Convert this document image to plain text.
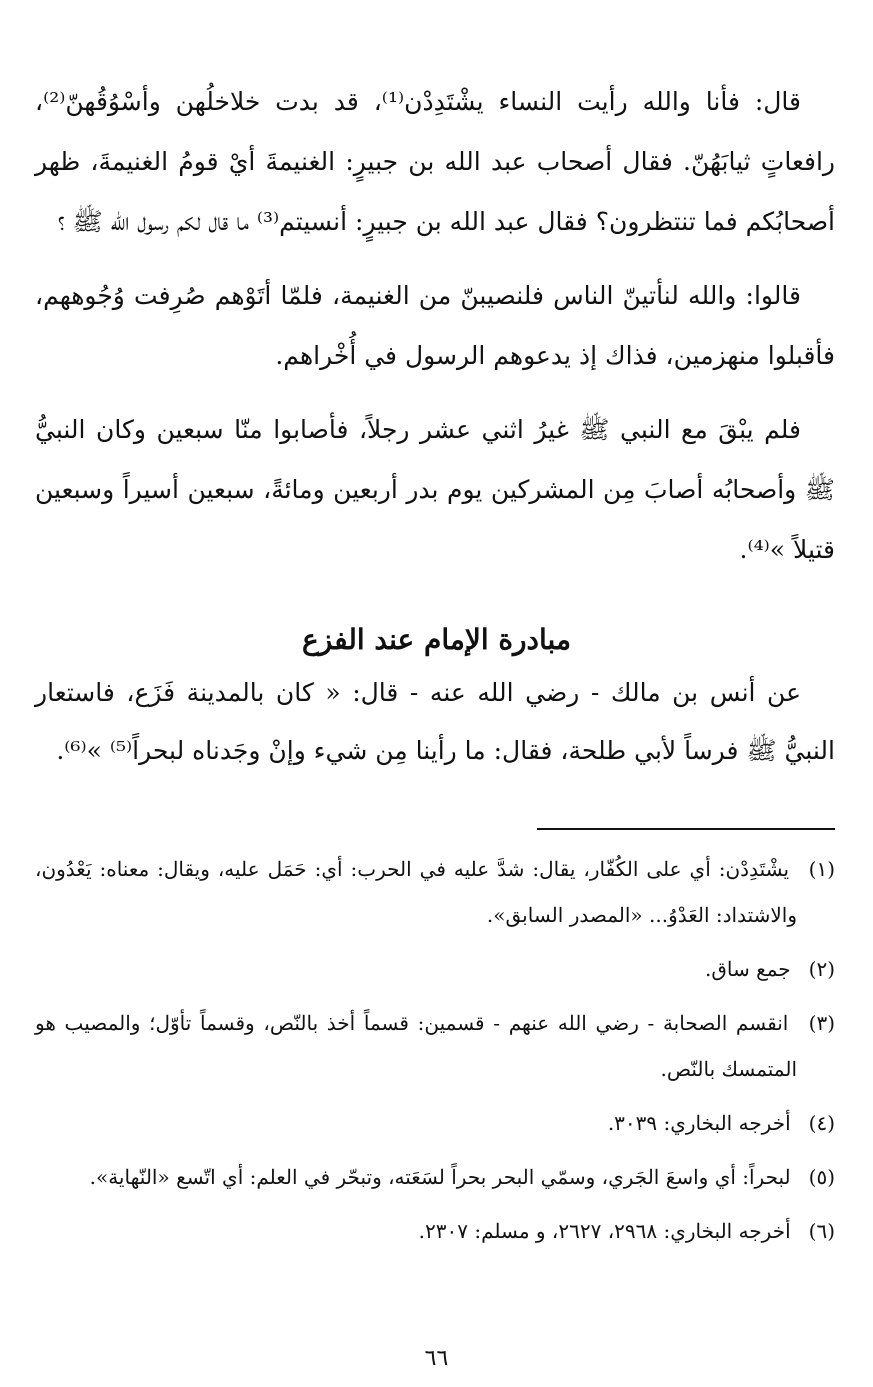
قال: فأنا والله رأيت النساء يشْتَدِدْن⁽¹⁾، قد بدت خلاخلُهن وأسْوُقُهنّ⁽²⁾، رافعاتٍ ثيابَهُنّ. فقال أصحاب عبد الله بن جبيرٍ: الغنيمةَ أيْ قومُ الغنيمةَ، ظهر أصحابُكم فما تنتظرون؟ فقال عبد الله بن جبيرٍ: أنسيتم⁽³⁾ ما قال لكم رسول الله ﷺ ؟

قالوا: والله لنأتينّ الناس فلنصيبنّ من الغنيمة، فلمّا أتَوْهم صُرِفت وُجُوههم، فأقبلوا منهزمين، فذاك إذ يدعوهم الرسول في أُخْراهم.

فلم يبْقَ مع النبي ﷺ غيرُ اثني عشر رجلاً، فأصابوا منّا سبعين وكان النبيُّ ﷺ وأصحابُه أصابَ مِن المشركين يوم بدر أربعين ومائةً، سبعين أسيراً وسبعين قتيلاً »⁽⁴⁾.

مبادرة الإمام عند الفزع

عن أنس بن مالك - رضي الله عنه - قال: « كان بالمدينة فَزَع، فاستعار النبيُّ ﷺ فرساً لأبي طلحة، فقال: ما رأينا مِن شيء وإنْ وجَدناه لبحراً⁽⁵⁾ »⁽⁶⁾.

(١) يشْتَدِدْن: أي على الكُفّار، يقال: شدَّ عليه في الحرب: أي: حَمَل عليه، ويقال: معناه: يَعْدُون، والاشتداد: العَدْوُ... «المصدر السابق».
(٢) جمع ساق.
(٣) انقسم الصحابة - رضي الله عنهم - قسمين: قسماً أخذ بالنّص، وقسماً تأوّل؛ والمصيب هو المتمسك بالنّص.
(٤) أخرجه البخاري: ٣٠٣٩.
(٥) لبحراً: أي واسعَ الجَري، وسمّي البحر بحراً لسَعَته، وتبحّر في العلم: أي اتّسع «النّهاية».
(٦) أخرجه البخاري: ٢٩٦٨، ٢٦٢٧، و مسلم: ٢٣٠٧.
٦٦
